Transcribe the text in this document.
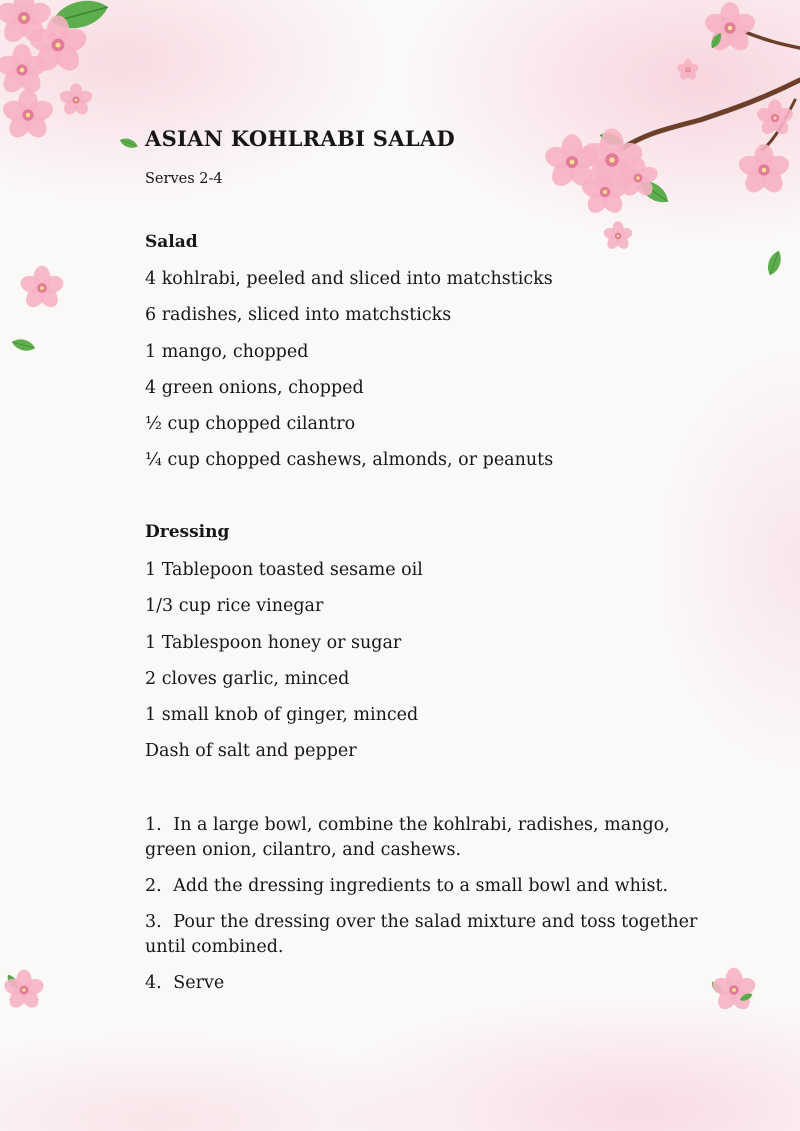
ASIAN KOHLRABI SALAD
Serves 2-4
Salad
4 kohlrabi, peeled and sliced into matchsticks
6 radishes, sliced into matchsticks
1 mango, chopped
4 green onions, chopped
½ cup chopped cilantro
¼ cup chopped cashews, almonds, or peanuts
Dressing
1 Tablepoon toasted sesame oil
1/3 cup rice vinegar
1 Tablespoon honey or sugar
2 cloves garlic, minced
1 small knob of ginger, minced
Dash of salt and pepper
1. In a large bowl, combine the kohlrabi, radishes, mango, green onion, cilantro, and cashews.
2. Add the dressing ingredients to a small bowl and whist.
3. Pour the dressing over the salad mixture and toss together until combined.
4. Serve
